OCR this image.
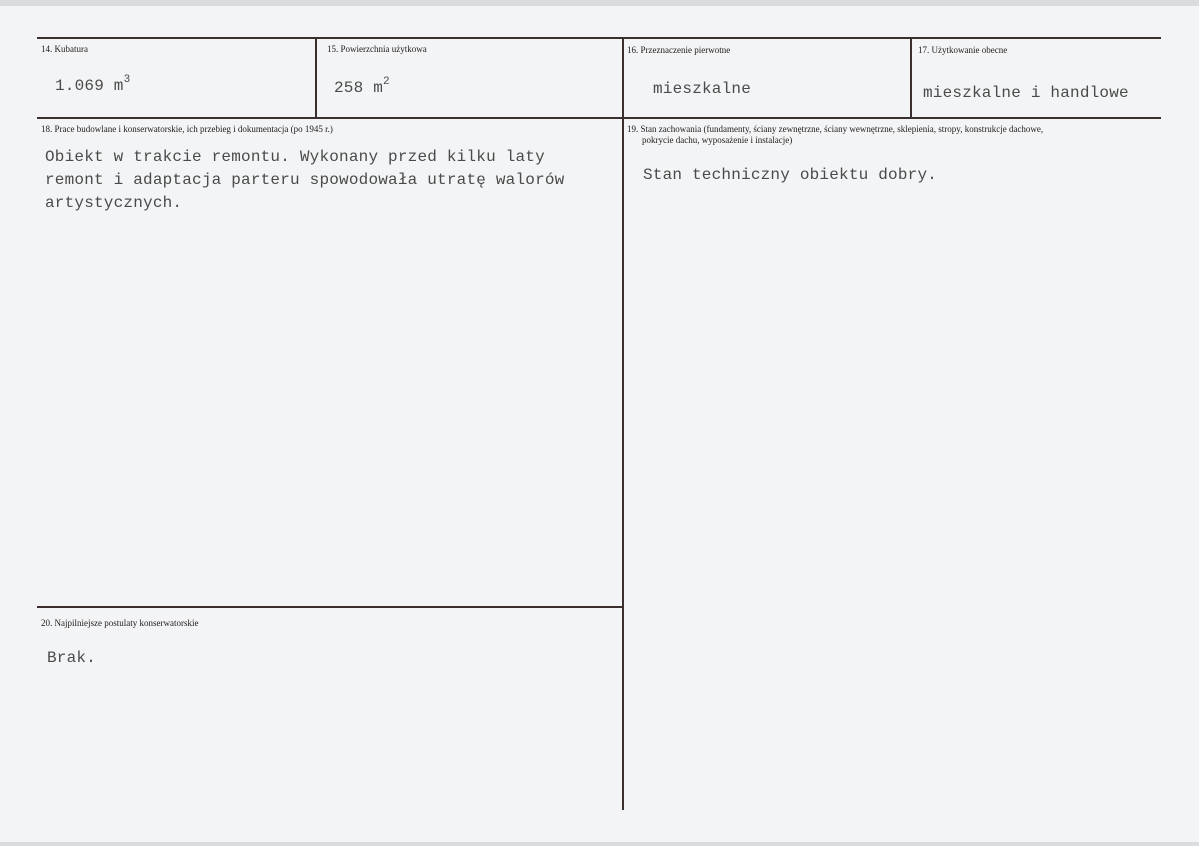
14. Kubatura
1.069 $m^3$
15. Powierzchnia użytkowa
258 $m^2$
16. Przeznaczenie pierwotne
mieszkalne
17. Użytkowanie obecne
mieszkalne i handlowe
18. Prace budowlane i konserwatorskie, ich przebieg i dokumentacja (po 1945 r.)
Obiekt w trakcie remontu. Wykonany przed kilku laty
remont i adaptacja parteru spowodowała utratę walorów
artystycznych.
19. Stan zachowania (fundamenty, ściany zewnętrzne, ściany wewnętrzne, sklepienia, stropy, konstrukcje dachowe,
pokrycie dachu, wyposażenie i instalacje)
Stan techniczny obiektu dobry.
20. Najpilniejsze postulaty konserwatorskie
Brak.
